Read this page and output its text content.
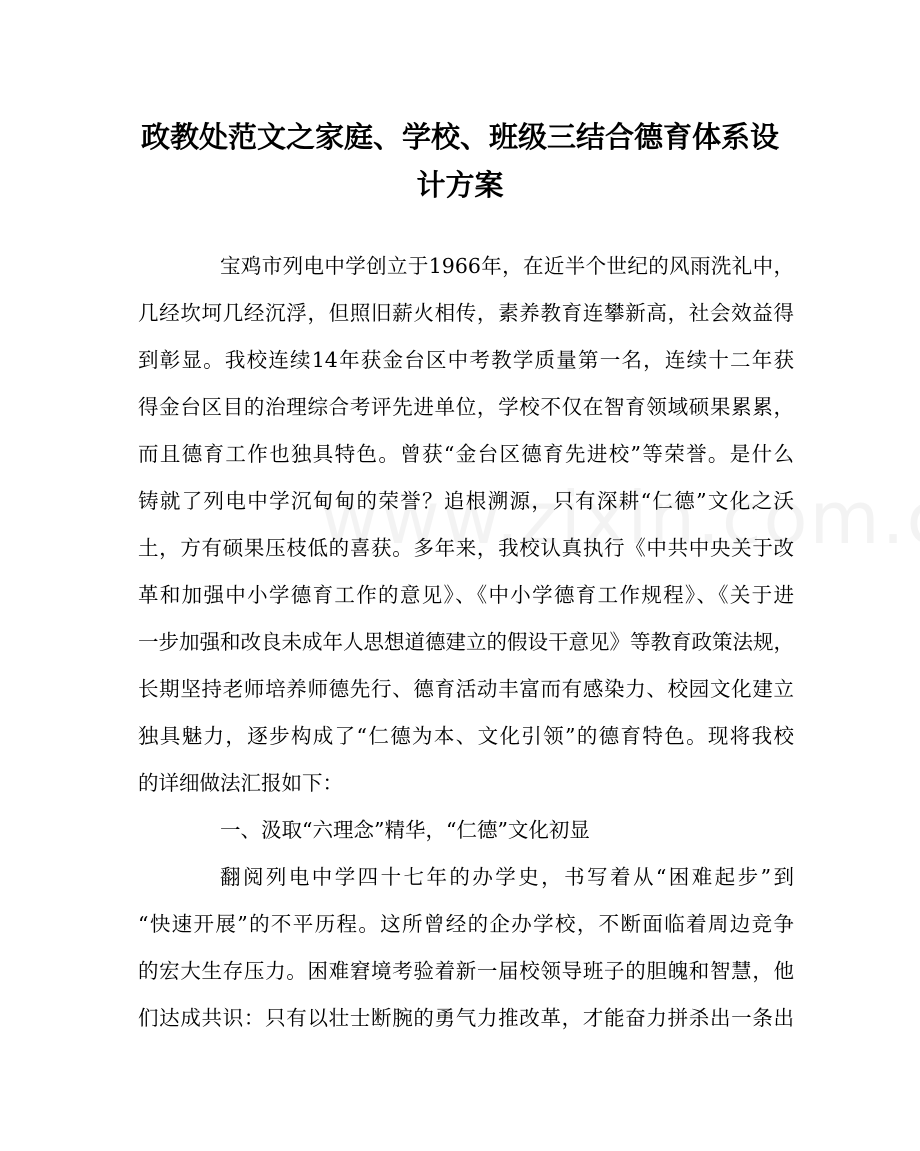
政教处范文之家庭、学校、班级三结合德育体系设计方案
宝鸡市列电中学创立于1966年，在近半个世纪的风雨洗礼中，
几经坎坷几经沉浮，但照旧薪火相传，素养教育连攀新高，社会效益得
到彰显。我校连续14年获金台区中考教学质量第一名，连续十二年获
得金台区目的治理综合考评先进单位，学校不仅在智育领域硕果累累，
而且德育工作也独具特色。曾获“金台区德育先进校”等荣誉。是什么
铸就了列电中学沉甸甸的荣誉？追根溯源，只有深耕“仁德”文化之沃
土，方有硕果压枝低的喜获。多年来，我校认真执行《中共中央关于改
革和加强中小学德育工作的意见》、《中小学德育工作规程》、《关于进
一步加强和改良未成年人思想道德建立的假设干意见》等教育政策法规，
长期坚持老师培养师德先行、德育活动丰富而有感染力、校园文化建立
独具魅力，逐步构成了“仁德为本、文化引领”的德育特色。现将我校
的详细做法汇报如下：
一、汲取“六理念”精华，“仁德”文化初显
翻阅列电中学四十七年的办学史，书写着从“困难起步”到
“快速开展”的不平历程。这所曾经的企办学校，不断面临着周边竞争
的宏大生存压力。困难窘境考验着新一届校领导班子的胆魄和智慧，他
们达成共识：只有以壮士断腕的勇气力推改革，才能奋力拼杀出一条出
